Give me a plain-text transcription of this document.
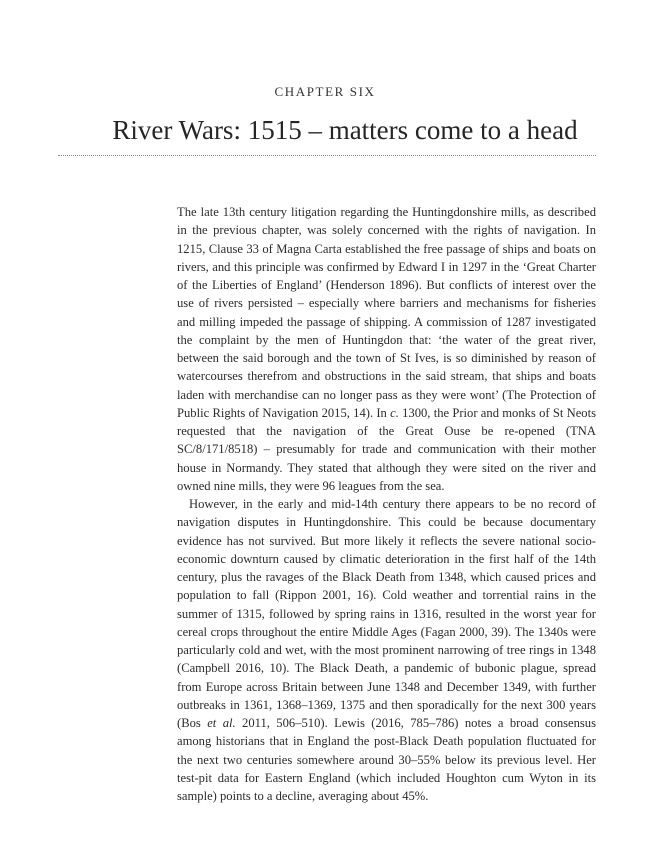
CHAPTER SIX
River Wars: 1515 – matters come to a head

The late 13th century litigation regarding the Huntingdonshire mills, as described in the previous chapter, was solely concerned with the rights of navigation. In 1215, Clause 33 of Magna Carta established the free passage of ships and boats on rivers, and this principle was confirmed by Edward I in 1297 in the ‘Great Charter of the Liberties of England’ (Henderson 1896). But conflicts of interest over the use of rivers persisted – especially where barriers and mechanisms for fisheries and milling impeded the passage of shipping. A commission of 1287 investigated the complaint by the men of Huntingdon that: ‘the water of the great river, between the said borough and the town of St Ives, is so diminished by reason of watercourses therefrom and obstructions in the said stream, that ships and boats laden with merchandise can no longer pass as they were wont’ (The Protection of Public Rights of Navigation 2015, 14). In c. 1300, the Prior and monks of St Neots requested that the navigation of the Great Ouse be re-opened (TNA SC/8/171/8518) – presumably for trade and communication with their mother house in Normandy. They stated that although they were sited on the river and owned nine mills, they were 96 leagues from the sea.

However, in the early and mid-14th century there appears to be no record of navigation disputes in Huntingdonshire. This could be because documentary evidence has not survived. But more likely it reflects the severe national socio-economic downturn caused by climatic deterioration in the first half of the 14th century, plus the ravages of the Black Death from 1348, which caused prices and population to fall (Rippon 2001, 16). Cold weather and torrential rains in the summer of 1315, followed by spring rains in 1316, resulted in the worst year for cereal crops throughout the entire Middle Ages (Fagan 2000, 39). The 1340s were particularly cold and wet, with the most prominent narrowing of tree rings in 1348 (Campbell 2016, 10). The Black Death, a pandemic of bubonic plague, spread from Europe across Britain between June 1348 and December 1349, with further outbreaks in 1361, 1368–1369, 1375 and then sporadically for the next 300 years (Bos et al. 2011, 506–510). Lewis (2016, 785–786) notes a broad consensus among historians that in England the post-Black Death population fluctuated for the next two centuries somewhere around 30–55% below its previous level. Her test-pit data for Eastern England (which included Houghton cum Wyton in its sample) points to a decline, averaging about 45%.
